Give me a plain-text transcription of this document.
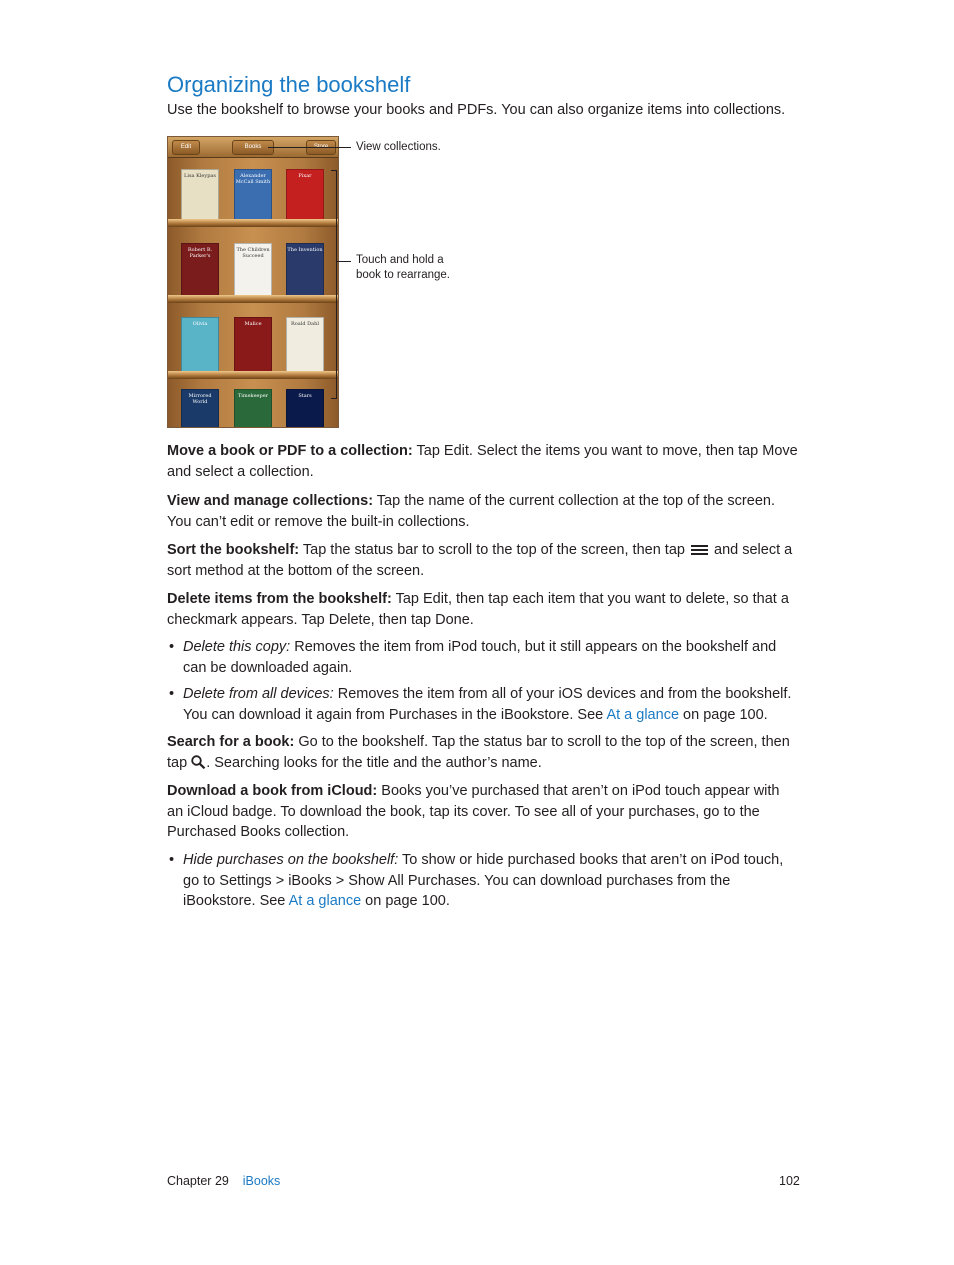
Organizing the bookshelf
Use the bookshelf to browse your books and PDFs. You can also organize items into collections.
Edit	Books
Lisa Kleypas	Alexander McCall Smith
Pixar
Robert B. Parker's
The Children Succeed
The Invention
Olivia	Malice	Roald Dahl
Mirrored World
Timekeeper	Stars
View collections.
Touch and hold a
book to rearrange.
Move a book or PDF to a collection: Tap Edit. Select the items you want to move, then tap Move
and select a collection.
View and manage collections: Tap the name of the current collection at the top of the screen.
You can’t edit or remove the built-in collections.
Sort the bookshelf: Tap the status bar to scroll to the top of the screen, then tap
and select a
sort method at the bottom of the screen.
Delete items from the bookshelf: Tap Edit, then tap each item that you want to delete, so that a
checkmark appears. Tap Delete, then tap Done.
• Delete this copy: Removes the item from iPod touch, but it still appears on the bookshelf and
can be downloaded again.
• Delete from all devices: Removes the item from all of your iOS devices and from the bookshelf.
You can download it again from Purchases in the iBookstore. See At a glance on page 100.
Search for a book: Go to the bookshelf. Tap the status bar to scroll to the top of the screen, then
tap . Searching looks for the title and the author’s name.
Download a book from iCloud: Books you’ve purchased that aren’t on iPod touch appear with
an iCloud badge. To download the book, tap its cover. To see all of your purchases, go to the
Purchased Books collection.
• Hide purchases on the bookshelf: To show or hide purchased books that aren’t on iPod touch,
go to Settings > iBooks > Show All Purchases. You can download purchases from the
iBookstore. See At a glance on page 100.
Chapter 29 iBooks	102
